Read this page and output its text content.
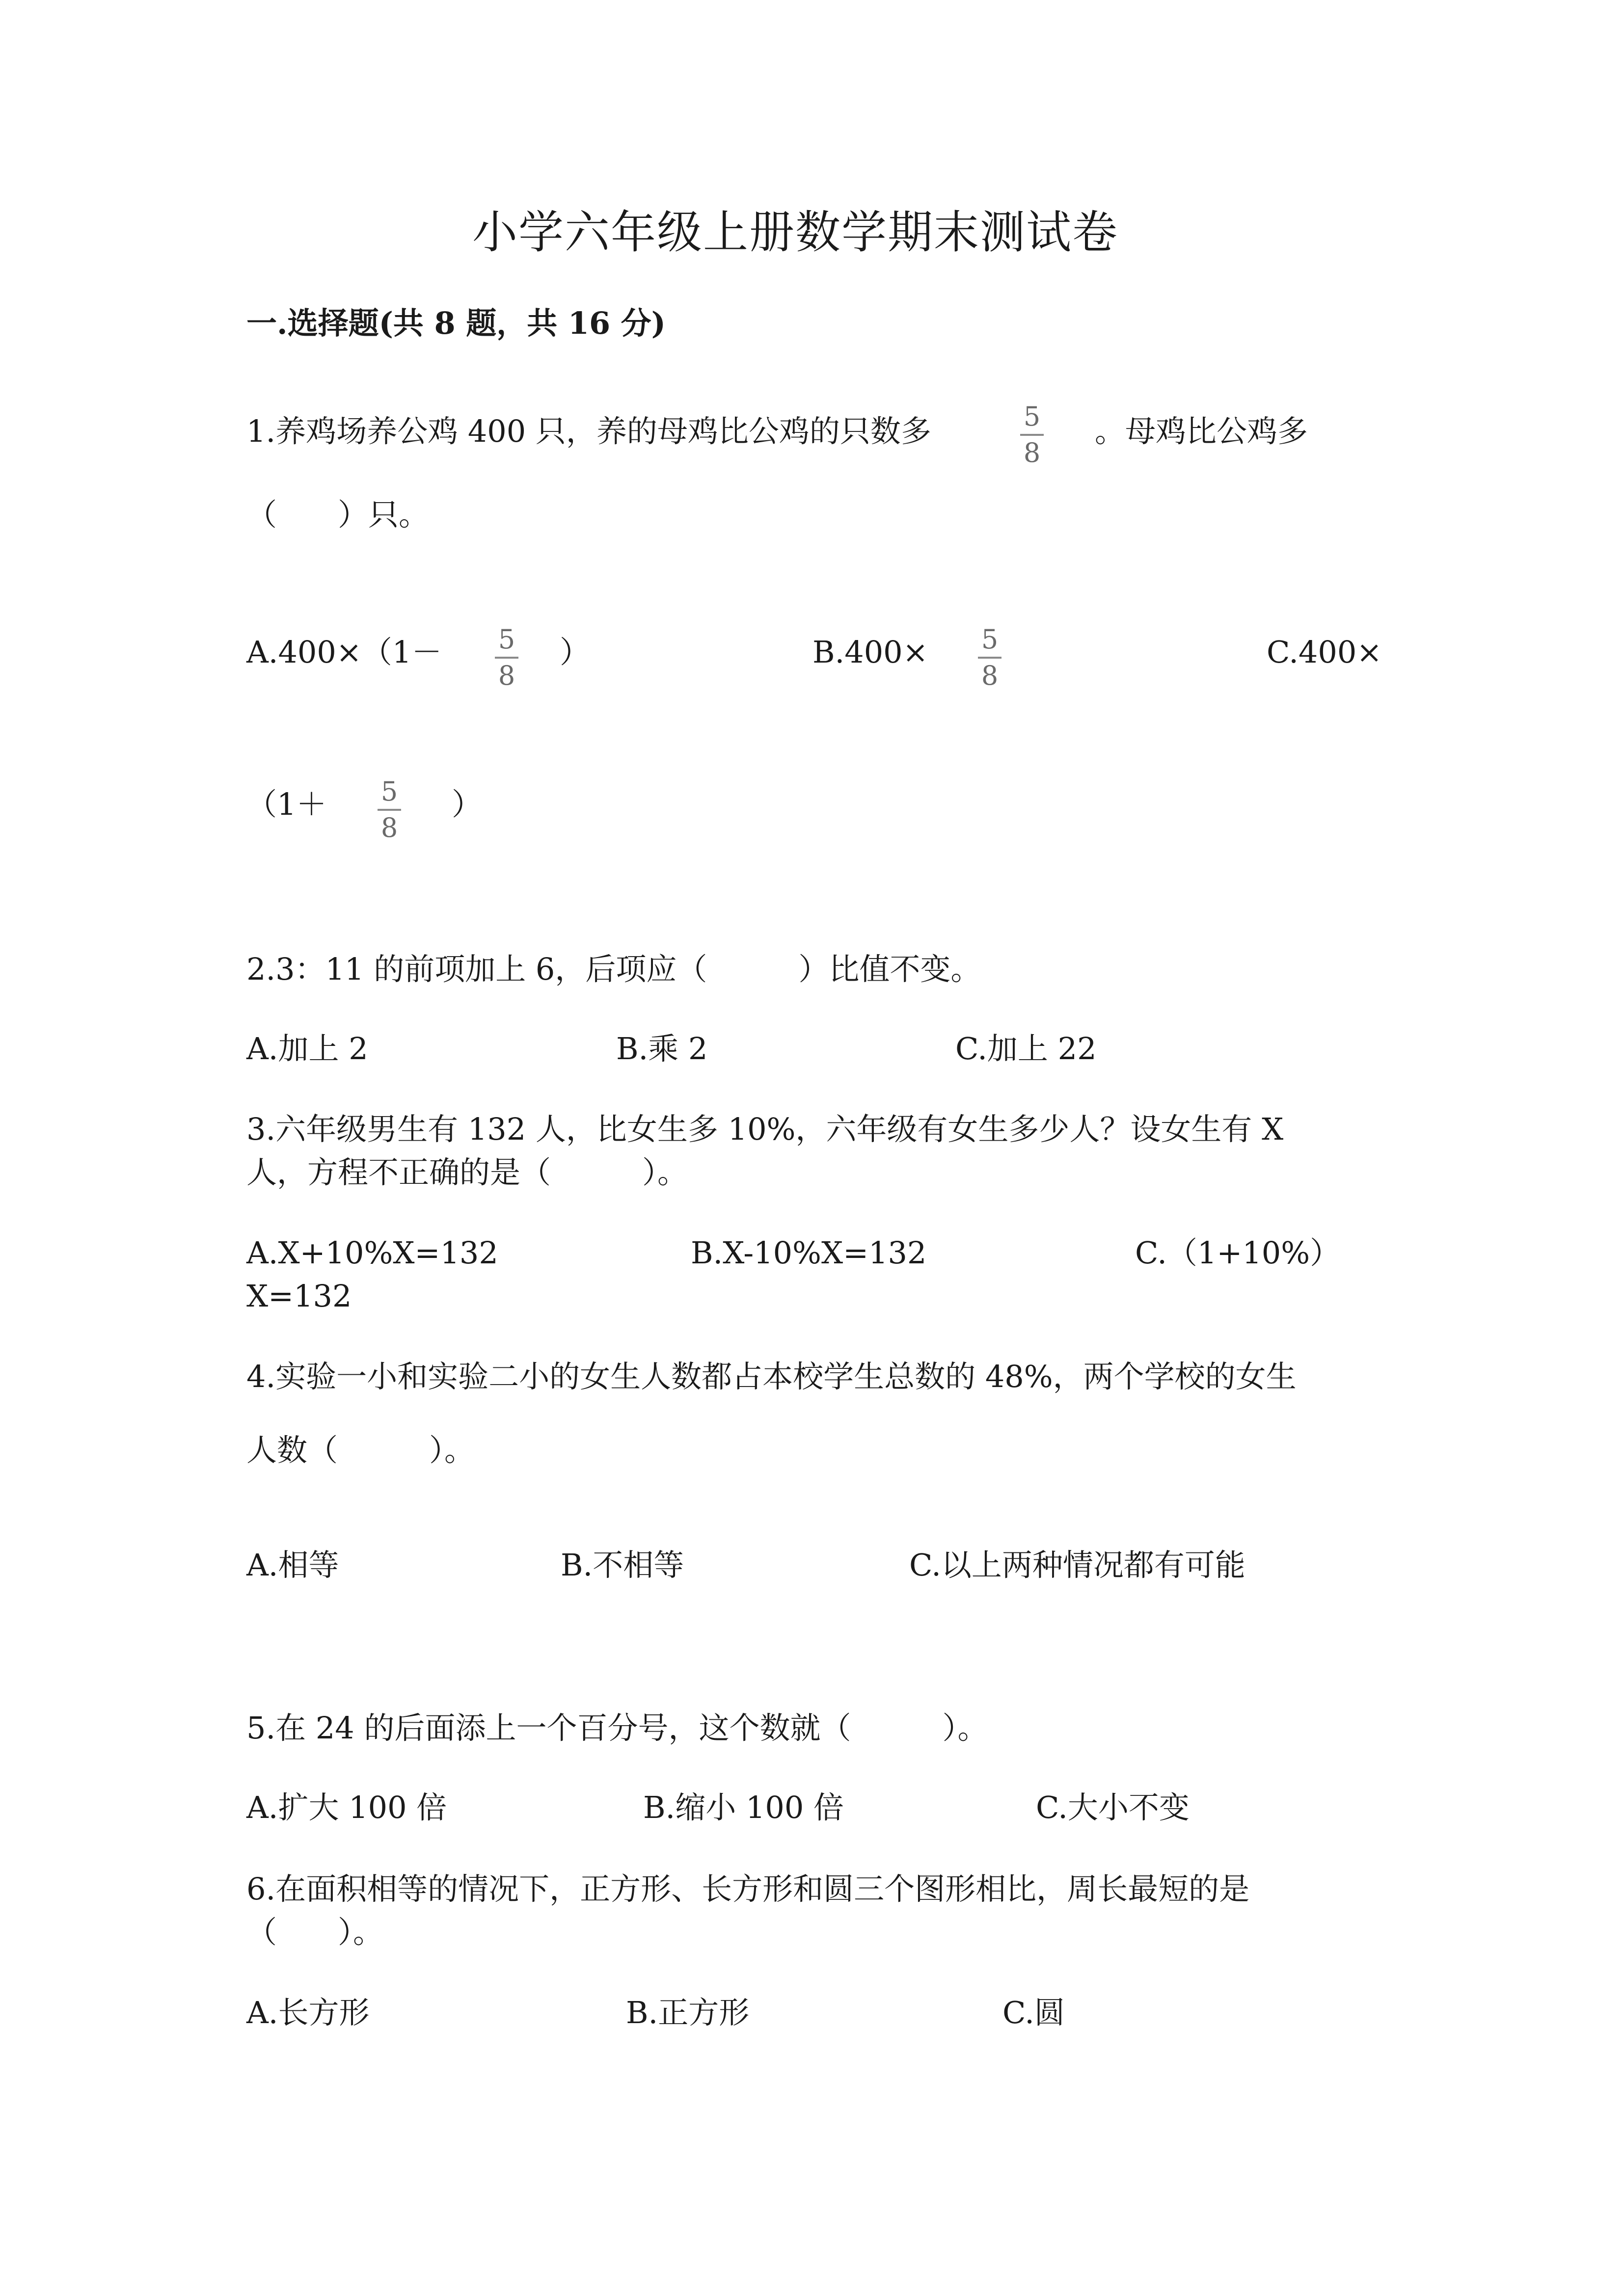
小学六年级上册数学期末测试卷
一.选择题(共 8 题，共 16 分)
1.养鸡场养公鸡 400 只，养的母鸡比公鸡的只数多	5
8
。母鸡比公鸡多
（　　）只。
A.400×（1－ 5
8
）	B.400× 5
8
C.400×
（1＋ 5
8
）
2.3：11 的前项加上 6，后项应（　　　）比值不变。
A.加上 2	B.乘 2	C.加上 22
3.六年级男生有 132 人，比女生多 10%，六年级有女生多少人？设女生有 X
人，方程不正确的是（　　　）。
A.X+10%X=132	B.X-10%X=132	C.（1+10%）
X=132
4.实验一小和实验二小的女生人数都占本校学生总数的 48%，两个学校的女生
人数（　　　）。
A.相等	B.不相等	C.以上两种情况都有可能
5.在 24 的后面添上一个百分号，这个数就（　　　）。
A.扩大 100 倍	B.缩小 100 倍	C.大小不变
6.在面积相等的情况下，正方形、长方形和圆三个图形相比，周长最短的是
（　　）。
A.长方形	B.正方形	C.圆
